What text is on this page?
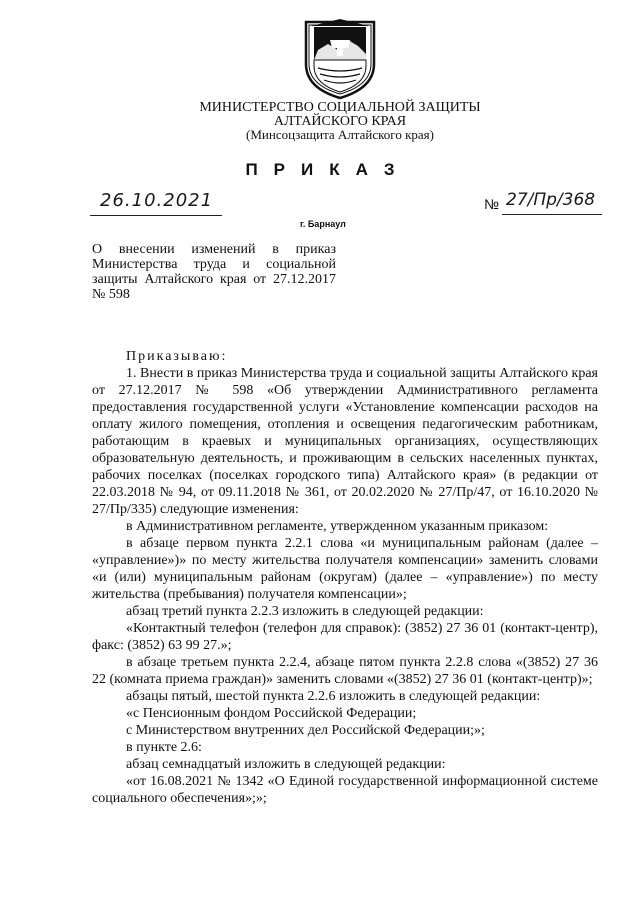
МИНИСТЕРСТВО СОЦИАЛЬНОЙ ЗАЩИТЫ
АЛТАЙСКОГО КРАЯ
(Минсоцзащита Алтайского края)
ПРИКАЗ
26.10.2021
г. Барнаул
№ 27/Пр/368
О внесении изменений в приказ Министерства труда и социальной защиты Алтайского края от 27.12.2017 № 598

Приказываю:

1. Внести в приказ Министерства труда и социальной защиты Алтайского края от 27.12.2017 № 598 «Об утверждении Административного регламента предоставления государственной услуги «Установление компенсации расходов на оплату жилого помещения, отопления и освещения педагогическим работникам, работающим в краевых и муниципальных организациях, осуществляющих образовательную деятельность, и проживающим в сельских населенных пунктах, рабочих поселках (поселках городского типа) Алтайского края» (в редакции от 22.03.2018 № 94, от 09.11.2018 № 361, от 20.02.2020 № 27/Пр/47, от 16.10.2020 № 27/Пр/335) следующие изменения:

в Административном регламенте, утвержденном указанным приказом:

в абзаце первом пункта 2.2.1 слова «и муниципальным районам (далее – «управление»)» по месту жительства получателя компенсации» заменить словами «и (или) муниципальным районам (округам) (далее – «управление») по месту жительства (пребывания) получателя компенсации»;

абзац третий пункта 2.2.3 изложить в следующей редакции:

«Контактный телефон (телефон для справок): (3852) 27 36 01 (контакт-центр), факс: (3852) 63 99 27.»;

в абзаце третьем пункта 2.2.4, абзаце пятом пункта 2.2.8 слова «(3852) 27 36 22 (комната приема граждан)» заменить словами «(3852) 27 36 01 (контакт-центр)»;

абзацы пятый, шестой пункта 2.2.6 изложить в следующей редакции:

«с Пенсионным фондом Российской Федерации;

с Министерством внутренних дел Российской Федерации;»;

в пункте 2.6:

абзац семнадцатый изложить в следующей редакции:

«от 16.08.2021 № 1342 «О Единой государственной информационной системе социального обеспечения»;»;
